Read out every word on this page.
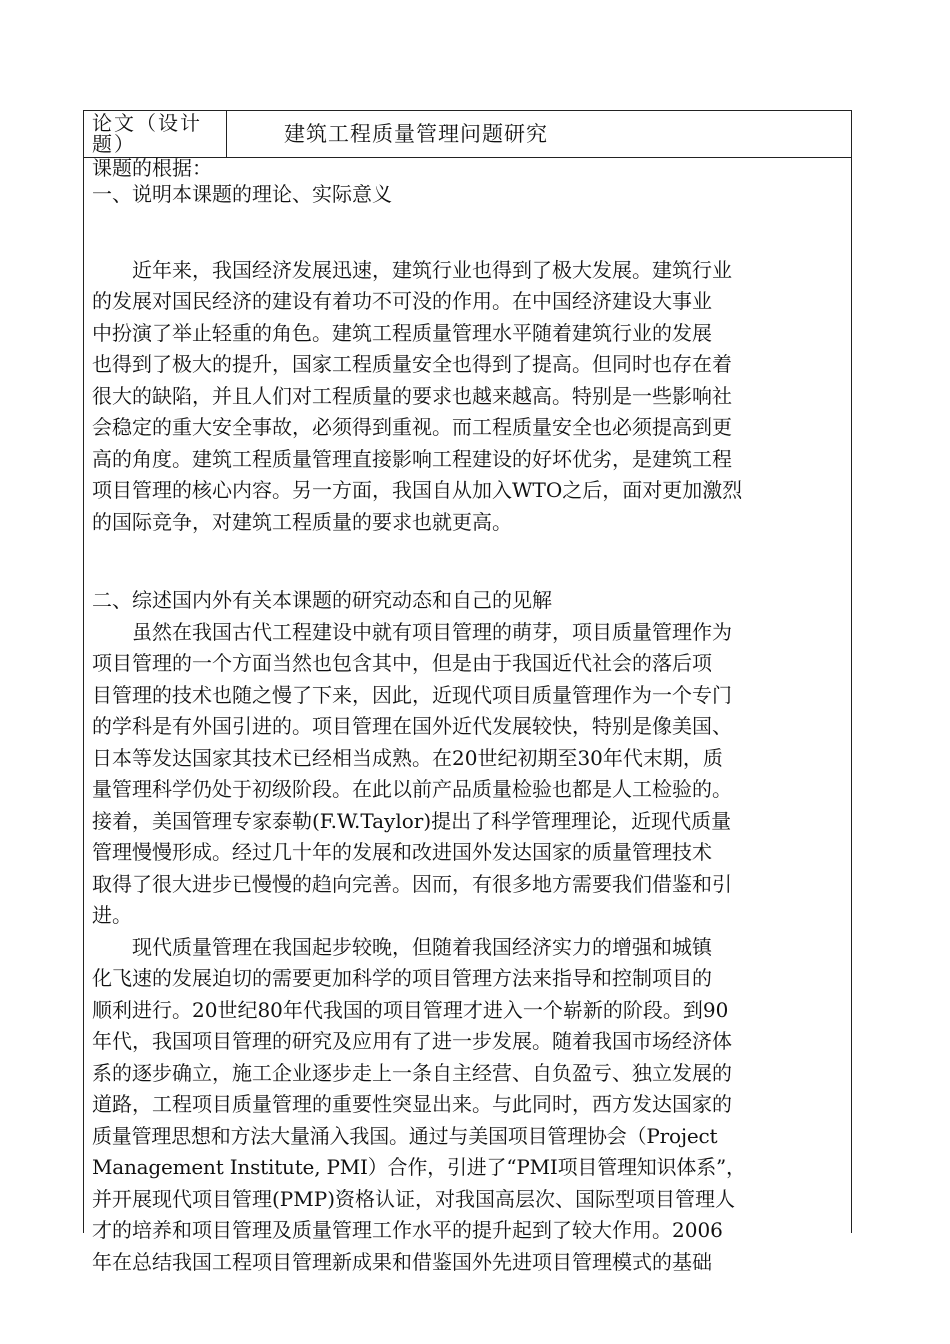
论文（设计
题）	建筑工程质量管理问题研究
课题的根据：
一、说明本课题的理论、实际意义
　　近年来，我国经济发展迅速，建筑行业也得到了极大发展。建筑行业
的发展对国民经济的建设有着功不可没的作用。在中国经济建设大事业
中扮演了举止轻重的角色。建筑工程质量管理水平随着建筑行业的发展
也得到了极大的提升，国家工程质量安全也得到了提高。但同时也存在着
很大的缺陷，并且人们对工程质量的要求也越来越高。特别是一些影响社
会稳定的重大安全事故，必须得到重视。而工程质量安全也必须提高到更
高的角度。建筑工程质量管理直接影响工程建设的好坏优劣，是建筑工程
项目管理的核心内容。另一方面，我国自从加入WTO之后，面对更加激烈
的国际竞争，对建筑工程质量的要求也就更高。
二、综述国内外有关本课题的研究动态和自己的见解
　　虽然在我国古代工程建设中就有项目管理的萌芽，项目质量管理作为
项目管理的一个方面当然也包含其中，但是由于我国近代社会的落后项
目管理的技术也随之慢了下来，因此，近现代项目质量管理作为一个专门
的学科是有外国引进的。项目管理在国外近代发展较快，特别是像美国、
日本等发达国家其技术已经相当成熟。在20世纪初期至30年代末期，质
量管理科学仍处于初级阶段。在此以前产品质量检验也都是人工检验的。
接着，美国管理专家泰勒(F.W.Taylor)提出了科学管理理论，近现代质量
管理慢慢形成。经过几十年的发展和改进国外发达国家的质量管理技术
取得了很大进步已慢慢的趋向完善。因而，有很多地方需要我们借鉴和引
进。
　　现代质量管理在我国起步较晚，但随着我国经济实力的增强和城镇
化飞速的发展迫切的需要更加科学的项目管理方法来指导和控制项目的
顺利进行。20世纪80年代我国的项目管理才进入一个崭新的阶段。到90
年代，我国项目管理的研究及应用有了进一步发展。随着我国市场经济体
系的逐步确立，施工企业逐步走上一条自主经营、自负盈亏、独立发展的
道路，工程项目质量管理的重要性突显出来。与此同时，西方发达国家的
质量管理思想和方法大量涌入我国。通过与美国项目管理协会（Project
Management Institute, PMI）合作，引进了“PMI项目管理知识体系”，
并开展现代项目管理(PMP)资格认证，对我国高层次、国际型项目管理人
才的培养和项目管理及质量管理工作水平的提升起到了较大作用。2006
年在总结我国工程项目管理新成果和借鉴国外先进项目管理模式的基础
